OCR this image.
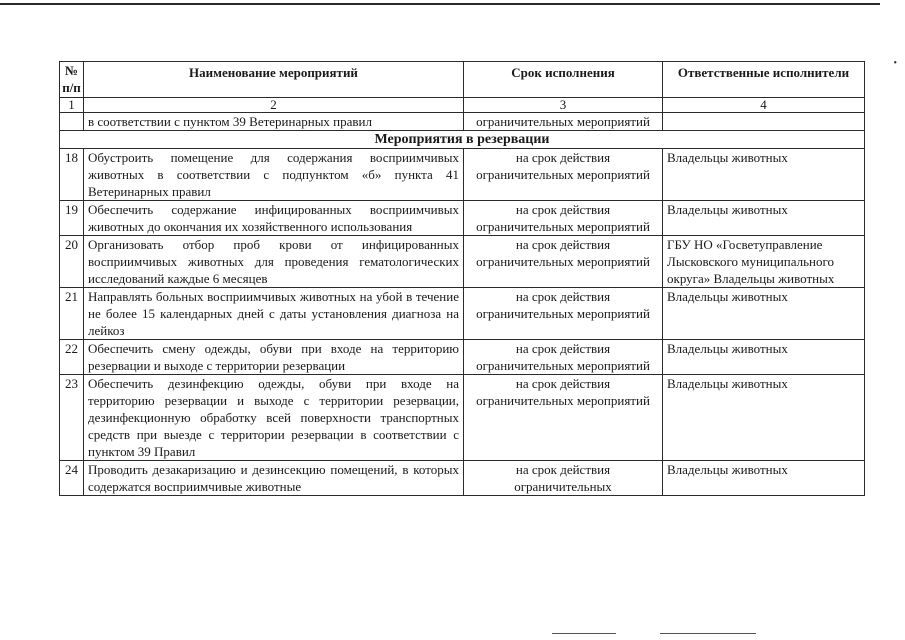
•
№ п/п	Наименование мероприятий	Срок исполнения	Ответственные исполнители
1	2	3	4
	в соответствии с пунктом 39 Ветеринарных правил	ограничительных мероприятий	
Мероприятия в резервации			
18	Обустроить помещение для содержания восприимчивых животных в соответствии с подпунктом «б» пункта 41 Ветеринарных правил	на срок действия ограничительных мероприятий	Владельцы животных
19	Обеспечить содержание инфицированных восприимчивых животных до окончания их хозяйственного использования	на срок действия ограничительных мероприятий	Владельцы животных
20	Организовать отбор проб крови от инфицированных восприимчивых животных для проведения гематологических исследований каждые 6 месяцев	на срок действия ограничительных мероприятий	ГБУ НО «Госветуправление Лысковского муниципального округа» Владельцы животных
21	Направлять больных восприимчивых животных на убой в течение не более 15 календарных дней с даты установления диагноза на лейкоз	на срок действия ограничительных мероприятий	Владельцы животных
22	Обеспечить смену одежды, обуви при входе на территорию резервации и выходе с территории резервации	на срок действия ограничительных мероприятий	Владельцы животных
23	Обеспечить дезинфекцию одежды, обуви при входе на территорию резервации и выходе с территории резервации, дезинфекционную обработку всей поверхности транспортных средств при выезде с территории резервации в соответствии с пунктом 39 Правил	на срок действия ограничительных мероприятий	Владельцы животных
24	Проводить дезакаризацию и дезинсекцию помещений, в которых содержатся восприимчивые животные	на срок действия ограничительных	Владельцы животных
